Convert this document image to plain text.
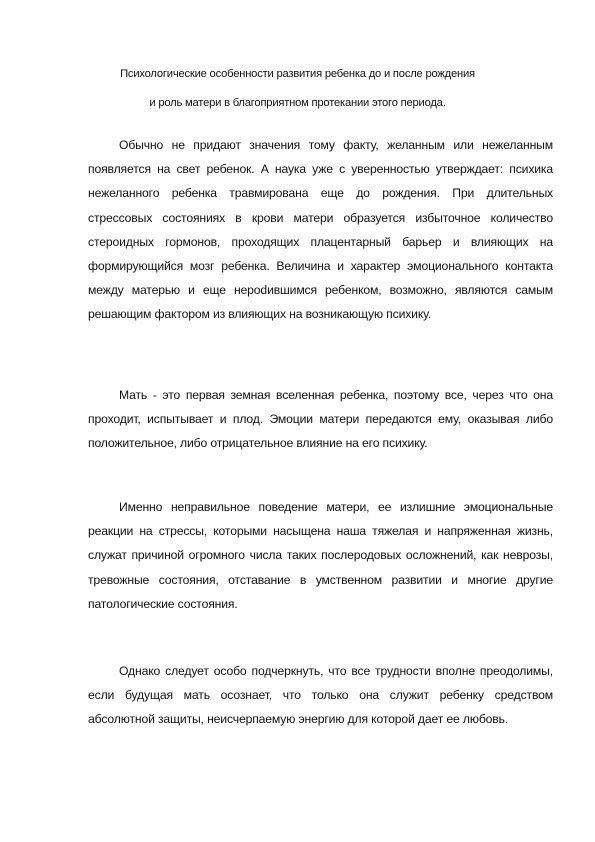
Психологические особенности развития ребенка до и после рождения
и роль матери в благоприятном протекании этого периода.

Обычно не придают значения тому факту, желанным или нежеланным появляется на свет ребенок. А наука уже с уверенностью утверждает: психика нежеланного ребенка травмирована еще до рождения. При длительных стрессовых состояниях в крови матери образуется избыточное количество стероидных гормонов, проходящих плацентарный барьер и влияющих на формирующийся мозг ребенка. Величина и характер эмоционального контакта между матерью и еще нерodившимся ребенком, возможно, являются самым решающим фактором из влияющих на возникающую психику.

Мать - это первая земная вселенная ребенка, поэтому все, через что она проходит, испытывает и плод. Эмоции матери передаются ему, оказывая либо положительное, либо отрицательное влияние на его психику.

Именно неправильное поведение матери, ее излишние эмоциональные реакции на стрессы, которыми насыщена наша тяжелая и напряженная жизнь, служат причиной огромного числа таких послеродовых осложнений, как неврозы, тревожные состояния, отставание в умственном развитии и многие другие патологические состояния.

Однако следует особо подчеркнуть, что все трудности вполне преодолимы, если будущая мать осознает, что только она служит ребенку средством абсолютной защиты, неисчерпаемую энергию для которой дает ее любовь.
